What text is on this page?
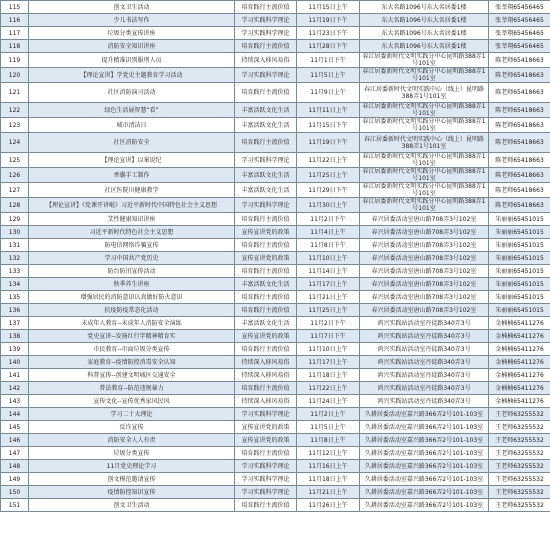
115	创文卫生活动	培育践行主流价值	11月15日上午	东大名路1096号东大名居委1楼	张莘翔65456465
116	少儿书法写作	学习实践科学理论	11月19日下午	东大名路1096号东大名居委1楼	张莘翔65456465
117	垃圾分类宣传讲座	学习实践科学理论	11月23日下午	东大名路1096号东大名居委1楼	张莘翔65456465
118	消防安全知识讲座	培育践行主流价值	11月28日下午	东大名路1096号东大名居委1楼	张莘翔65456465
119	提升精准识别服刑人员	持续深入移风易俗	11月1日下午	春江居委新时代文明实践分中心昆明路388弄1号101室	陈老师65418663
120	【理论宣讲】学党史主题教育学习活动	学习实践科学理论	11月5日上午	春江居委新时代文明实践分中心昆明路388弄1号101室	陈老师65418663
121	社区消防演习活动	培育践行主流价值	11月9日上午	春江居委新时代文明实践中心（线上）昆明路388弄1号101室	陈老师65418663
122	绿色生活展智慧“看”	丰富活跃文化生活	11月11日上午	春江居委新时代文明实践分中心昆明路388弄1号101室	陈老师65418663
123	城市清洁日	丰富活跃文化生活	11月15日下午	春江居委新时代文明实践分中心昆明路388弄1号101室	陈老师65418663
124	社区消防安全	培育践行主流价值	11月19日下午	春江居委新时代文明实践中心（线上）昆明路388弄1号101室	陈老师65418663
125	【理论宣讲】以案说纪	学习实践科学理论	11月22日上午	春江居委新时代文明实践分中心昆明路388弄1号101室	陈老师65418663
126	香囊手工制作	丰富活跃文化生活	11月25日上午	春江居委新时代文明实践分中心昆明路388弄1号101室	陈老师65418663
127	社区医院川健康教学	丰富活跃文化生活	11月29日下午	春江居委新时代文明实践分中心昆明路388弄1号101室	陈老师65418663
128	【理论宣讲】《党课开讲啦》习近平新时代中国特色社会主义思想	学习实践科学理论	11月30日上午	春江居委新时代文明实践分中心昆明路388弄1号101室	陈老师65418663
129	艾性健康知识讲座	培育践行主流价值	11月2日下午	春兴居委活动室唐山路708弄3号102室	朱丽丽65451015
130	习近平新时代特色社会主义思想	宣传宣讲党的政策	11月4日上午	春兴居委活动室唐山路708弄3号102室	朱丽丽65451015
131	防电信网络诈骗宣传	培育践行主流价值	11月8日下午	春兴居委活动室唐山路708弄3号102室	朱丽丽65451015
132	学习中国共产党历史	宣传宣讲党的政策	11月10日上午	春兴居委活动室唐山路708弄3号102室	朱丽丽65451015
133	防台防汛宣传活动	培育践行主流价值	11月14日上午	春兴居委活动室唐山路708弄3号102室	朱丽丽65451015
134	秋季养生讲座	丰富活跃文化生活	11月17日上午	春兴居委活动室唐山路708弄3号102室	朱丽丽65451015
135	增强居民的消防意识认真做好防火意识	培育践行主流价值	11月21日上午	春兴居委活动室唐山路708弄3号102室	朱丽丽65451015
136	抗疫防疫常态化活动	培育践行主流价值	11月25日上午	春兴居委活动室唐山路708弄3号102室	朱丽丽65451015
137	未成年人教育--未成年人消防安全演练	丰富活跃文化生活	11月2日下午	鸿兴实践站活动室丹徒路340弄3号	金楠楠65411276
138	党史宣讲--发扬红行字精神精育实	宣传宣讲党的政策	11月7日下午	鸿兴实践站活动室丹徒路340弄3号	金楠楠65411276
139	市民教育--市面垃圾分类宣传	培育践行主流价值	11月10日上午	鸿兴实践站活动室丹徒路340弄3号	金楠楠65411276
140	家庭教育--疫情防控消毒安全认知	持续深入移风易俗	11月17日上午	鸿兴实践站活动室丹徒路340弄3号	金楠楠65411276
141	科普宣传--创建文明城区交通安全	持续深入移风易俗	11月18日上午	鸿兴实践站活动室丹徒路340弄3号	金楠楠65411276
142	普法教育--防范违规暴力	培育践行主流价值	11月22日上午	鸿兴实践站活动室丹徒路340弄3号	金楠楠65411276
143	宣传文化--宣传优秀家风民风	持续深入移风易俗	11月24日上午	鸿兴实践站活动室丹徒路340弄3号	金楠楠65411276
144	学习二十大理论	学习实践科学理论	11月2日上午	久耕居委活动室嘉兴路366弄2号101-103室	王老师63255532
145	反诈宣传	宣传宣讲党的政策	11月5日上午	久耕居委活动室嘉兴路366弄2号101-103室	王老师63255532
146	消防安全人人有责	宣传宣讲党的政策	11月8日上午	久耕居委活动室嘉兴路366弄2号101-103室	王老师63255532
147	垃圾分类宣传	培育践行主流价值	11月12日上午	久耕居委活动室嘉兴路366弄2号101-103室	王老师63255532
148	11月党史理论学习	学习实践科学理论	11月16日上午	久耕居委活动室嘉兴路366弄2号101-103室	王老师63255532
149	创文模范邀请宣传	学习实践科学理论	11月18日上午	久耕居委活动室嘉兴路366弄2号101-103室	王老师63255532
150	疫情防控知识宣传	学习实践科学理论	11月21日上午	久耕居委活动室嘉兴路366弄2号101-103室	王老师63255532
151	创文卫生活动	培育践行主流价值	11月26日上午	久耕居委活动室嘉兴路366弄2号101-103室	王老师63255532
